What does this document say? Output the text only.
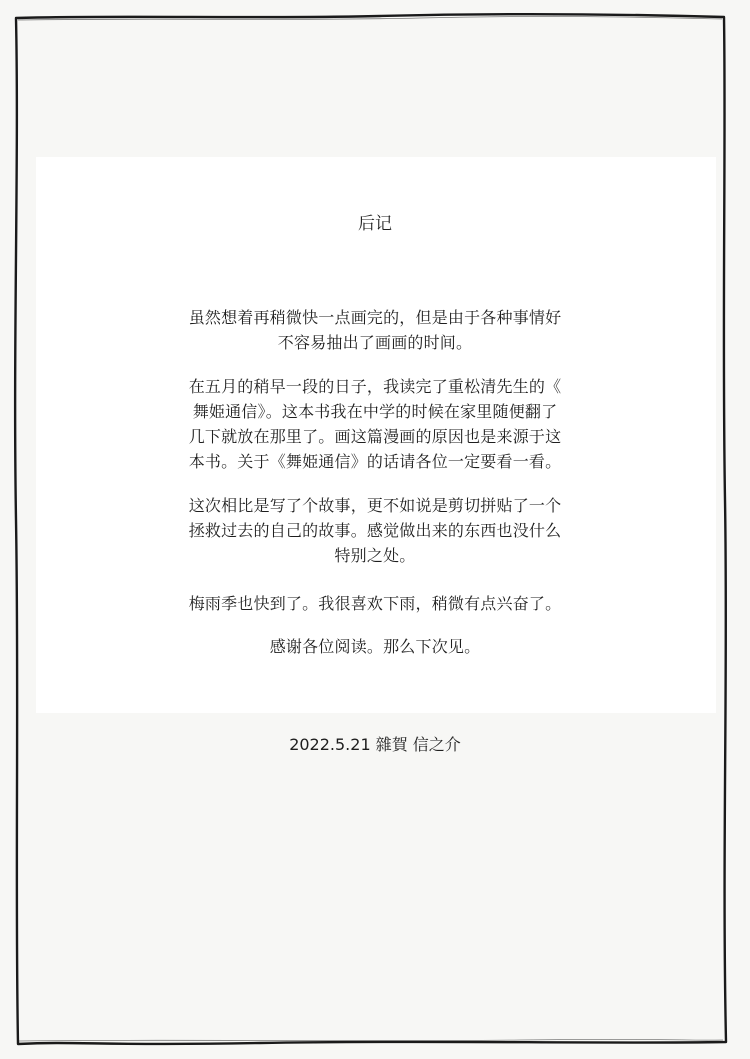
后记
虽然想着再稍微快一点画完的，但是由于各种事情好
不容易抽出了画画的时间。
在五月的稍早一段的日子，我读完了重松清先生的《
舞姫通信》。这本书我在中学的时候在家里随便翻了
几下就放在那里了。画这篇漫画的原因也是来源于这
本书。关于《舞姫通信》的话请各位一定要看一看。
这次相比是写了个故事，更不如说是剪切拼贴了一个
拯救过去的自己的故事。感觉做出来的东西也没什么
特别之处。
梅雨季也快到了。我很喜欢下雨，稍微有点兴奋了。
感谢各位阅读。那么下次见。
2022.5.21 雜賀 信之介
